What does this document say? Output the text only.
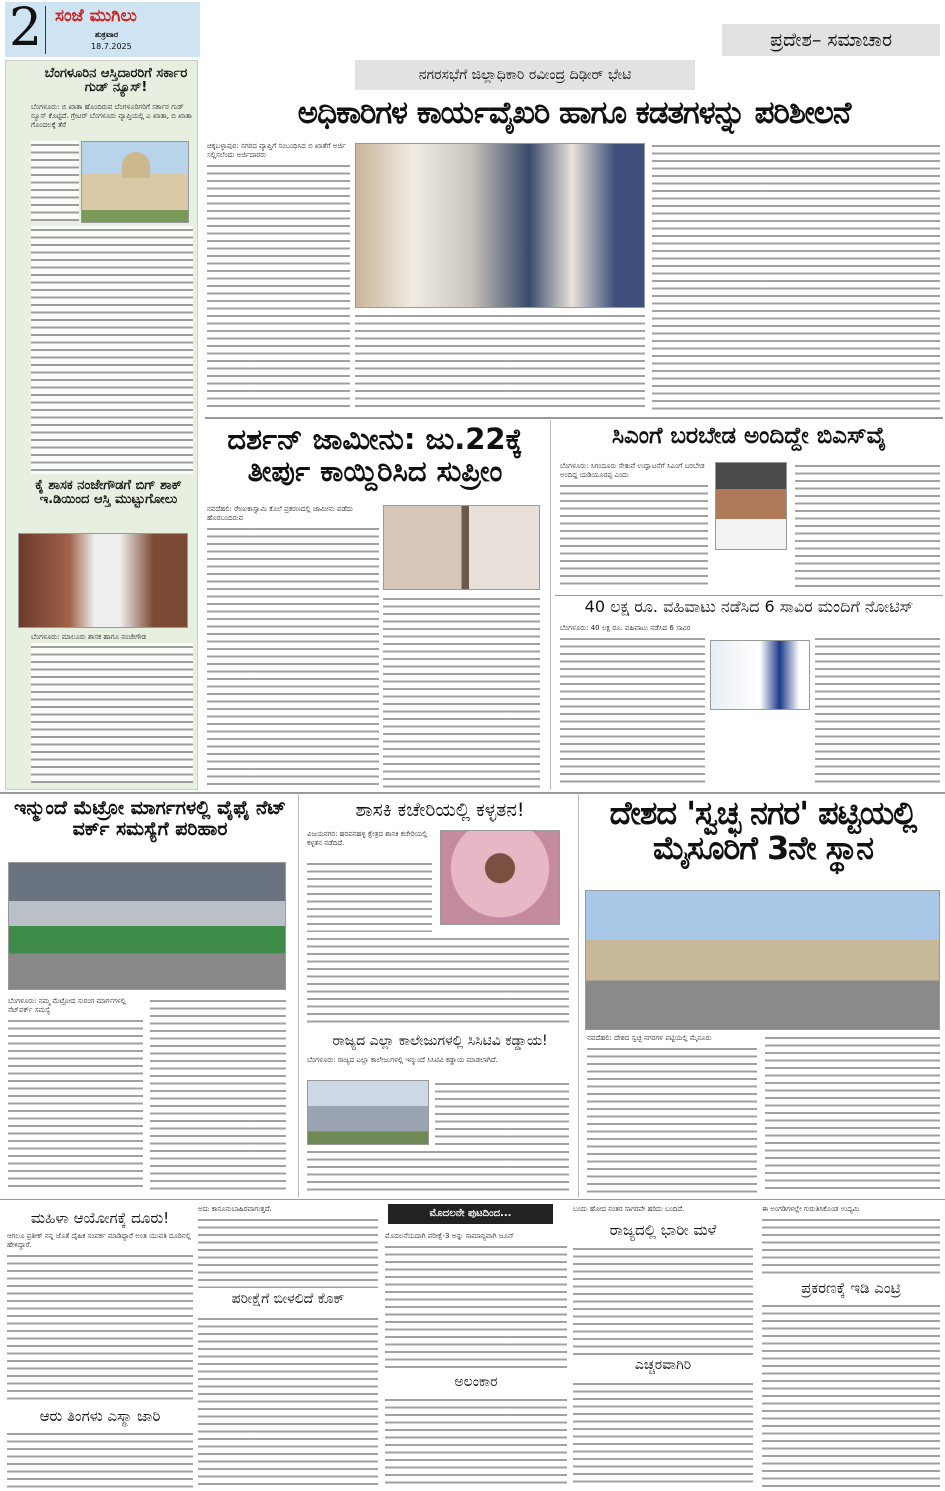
2 ಸಂಜೆ ಮುಗಿಲು
ಶುಕ್ರವಾರ
18.7.2025	ಪ್ರದೇಶ– ಸಮಾಚಾರ
ಬೆಂಗಳೂರಿನ ಆಸ್ತಿದಾರರಿಗೆ ಸರ್ಕಾರ ಗುಡ್ ನ್ಯೂಸ್!
ಬೆಂಗಳೂರು: ಬಿ ಖಾತಾ ಹೊಂದಿರುವ ಬೆಂಗಳೂರಿಗರಿಗೆ ಸರ್ಕಾರ ಗುಡ್ ನ್ಯೂಸ್ ಕೊಟ್ಟಿದೆ. ಗ್ರೇಟರ್ ಬೆಂಗಳೂರು ವ್ಯಾಪ್ತಿಯಲ್ಲಿ ಎ ಖಾತಾ, ಬಿ ಖಾತಾ ಗೊಂದಲಕ್ಕೆ ತೆರೆ
ಕೈ ಶಾಸಕ ನಂಜೇಗೌಡಗೆ ಬಿಗ್ ಶಾಕ್ ಇ.ಡಿಯಿಂದ ಆಸ್ತಿ ಮುಟ್ಟುಗೋಲು
ಬೆಂಗಳೂರು: ಮಾಲೂರು ಶಾಸಕ ಹಾಗೂ ನಂಜೇಗೌಡ
ನಗರಸಭೆಗೆ ಜಿಲ್ಲಾಧಿಕಾರಿ ರವೀಂದ್ರ ದಿಢೀರ್ ಭೇಟಿ
ಅಧಿಕಾರಿಗಳ ಕಾರ್ಯವೈಖರಿ ಹಾಗೂ ಕಡತಗಳನ್ನು ಪರಿಶೀಲನೆ
ಚಿಕ್ಕಬಳ್ಳಾಪುರ: ನಗರದ ವ್ಯಾಪ್ತಿಗೆ ಸಂಬಂಧಿಸಿದ ಬಿ ಖಾತೆಗೆ ಅರ್ಜಿ ಸಲ್ಲಿಸಲೆಂದು ಅರ್ಜಿದಾರರು
ದರ್ಶನ್ ಜಾಮೀನು: ಜು.22ಕ್ಕೆ ತೀರ್ಪು ಕಾಯ್ದಿರಿಸಿದ ಸುಪ್ರೀಂ
ನವದೆಹಲಿ: ರೇಣುಕಾಸ್ವಾಮಿ ಕೊಲೆ ಪ್ರಕರಣದಲ್ಲಿ ಜಾಮೀನು ಪಡೆದು ಹೊರಬಂದಿರುವ
ಸಿಎಂಗೆ ಬರಬೇಡ ಅಂದಿದ್ದೇ ಬಿಎಸ್‌ವೈ
ಬೆಂಗಳೂರು: ಸಿಗಂದೂರು ಸೇತುವೆ ಉದ್ಘಾಟನೆಗೆ ಸಿಎಂಗೆ ಬರಬೇಡ ಅಂದಿದ್ದ ಯಡಿಯೂರಪ್ಪ ಎಂದು
40 ಲಕ್ಷ ರೂ. ವಹಿವಾಟು ನಡೆಸಿದ 6 ಸಾವಿರ ಮಂದಿಗೆ ನೋಟಿಸ್
ಬೆಂಗಳೂರು: 40 ಲಕ್ಷ ರೂ. ವಹಿವಾಟು ನಡೆಸಿದ 6 ಸಾವಿರ
ಇನ್ಮುಂದೆ ಮೆಟ್ರೋ ಮಾರ್ಗಗಳಲ್ಲಿ ವೈಫೈ ನೆಟ್ ವರ್ಕ್ ಸಮಸ್ಯೆಗೆ ಪರಿಹಾರ
ಬೆಂಗಳೂರು: ನಮ್ಮ ಮೆಟ್ರೋದ ಸುರಂಗ ಮಾರ್ಗಗಳಲ್ಲಿ ನೆಟ್‌ವರ್ಕ್ ಸಮಸ್ಯೆ
ಶಾಸಕಿ ಕಚೇರಿಯಲ್ಲಿ ಕಳ್ಳತನ!
ವಿಜಯನಗರ: ಹರಪನಹಳ್ಳಿ ಕ್ಷೇತ್ರದ ಶಾಸಕಿ ಕಚೇರಿಯಲ್ಲಿ ಕಳ್ಳತನ ನಡೆದಿದೆ.
ರಾಜ್ಯದ ಎಲ್ಲಾ ಕಾಲೇಜುಗಳಲ್ಲಿ ಸಿಸಿಟಿವಿ ಕಡ್ಡಾಯ!
ಬೆಂಗಳೂರು: ರಾಜ್ಯದ ಎಲ್ಲಾ ಕಾಲೇಜುಗಳಲ್ಲಿ ಇನ್ಮುಂದೆ ಸಿಸಿಟಿವಿ ಕಡ್ಡಾಯ ಮಾಡಲಾಗಿದೆ.
ದೇಶದ 'ಸ್ವಚ್ಛ ನಗರ' ಪಟ್ಟಿಯಲ್ಲಿ ಮೈಸೂರಿಗೆ 3ನೇ ಸ್ಥಾನ
ನವದೆಹಲಿ: ದೇಶದ ಸ್ವಚ್ಛ ನಗರಗಳ ಪಟ್ಟಿಯಲ್ಲಿ ಮೈಸೂರು
ಮಹಿಳಾ ಆಯೋಗಕ್ಕೆ ದೂರು!
ಆಗಲೂ ಪ್ರತೀಕ್ ನನ್ನ ಜೊತೆ ದೈಹಿಕ ಸಂಪರ್ಕ ಮಾಡಿದ್ದಾರೆ ಅಂತ ಯುವತಿ ದೂರಿನಲ್ಲಿ ಹೇಳಿದ್ದಾರೆ.
ಆರು ತಿಂಗಳು ಎಸ್ಮಾ ಜಾರಿ
ಅದು ಕಾನೂನುಬಾಹಿರವಾಗುತ್ತದೆ.
ಪರೀಕ್ಷೆಗೆ ಬೀಳಲಿದೆ ಕೊಕ್
ಮೊದಲನೇ ಪುಟದಿಂದ...
ಮೊದಲನೆಯದಾಗಿ ಪರೀಕ್ಷೆ-3 ಅನ್ನು ಸಾಮಾನ್ಯವಾಗಿ ಜೂನ್
ಅಲಂಕಾರ
ಬಂದು ಹೋದ ನಂತರ ಸಾಗರವೇ ಹರಿದು ಬಂದಿದೆ.
ರಾಜ್ಯದಲ್ಲಿ ಭಾರೀ ಮಳೆ
ಎಚ್ಚರವಾಗಿರಿ
ಈ ಅಂಗಡಿಗಳಲ್ಲೇ ಗುರುತಿಸಿಕೊಂಡ ಉದ್ಯಮಿ
ಪ್ರಕರಣಕ್ಕೆ ಇಡಿ ಎಂಟ್ರಿ
